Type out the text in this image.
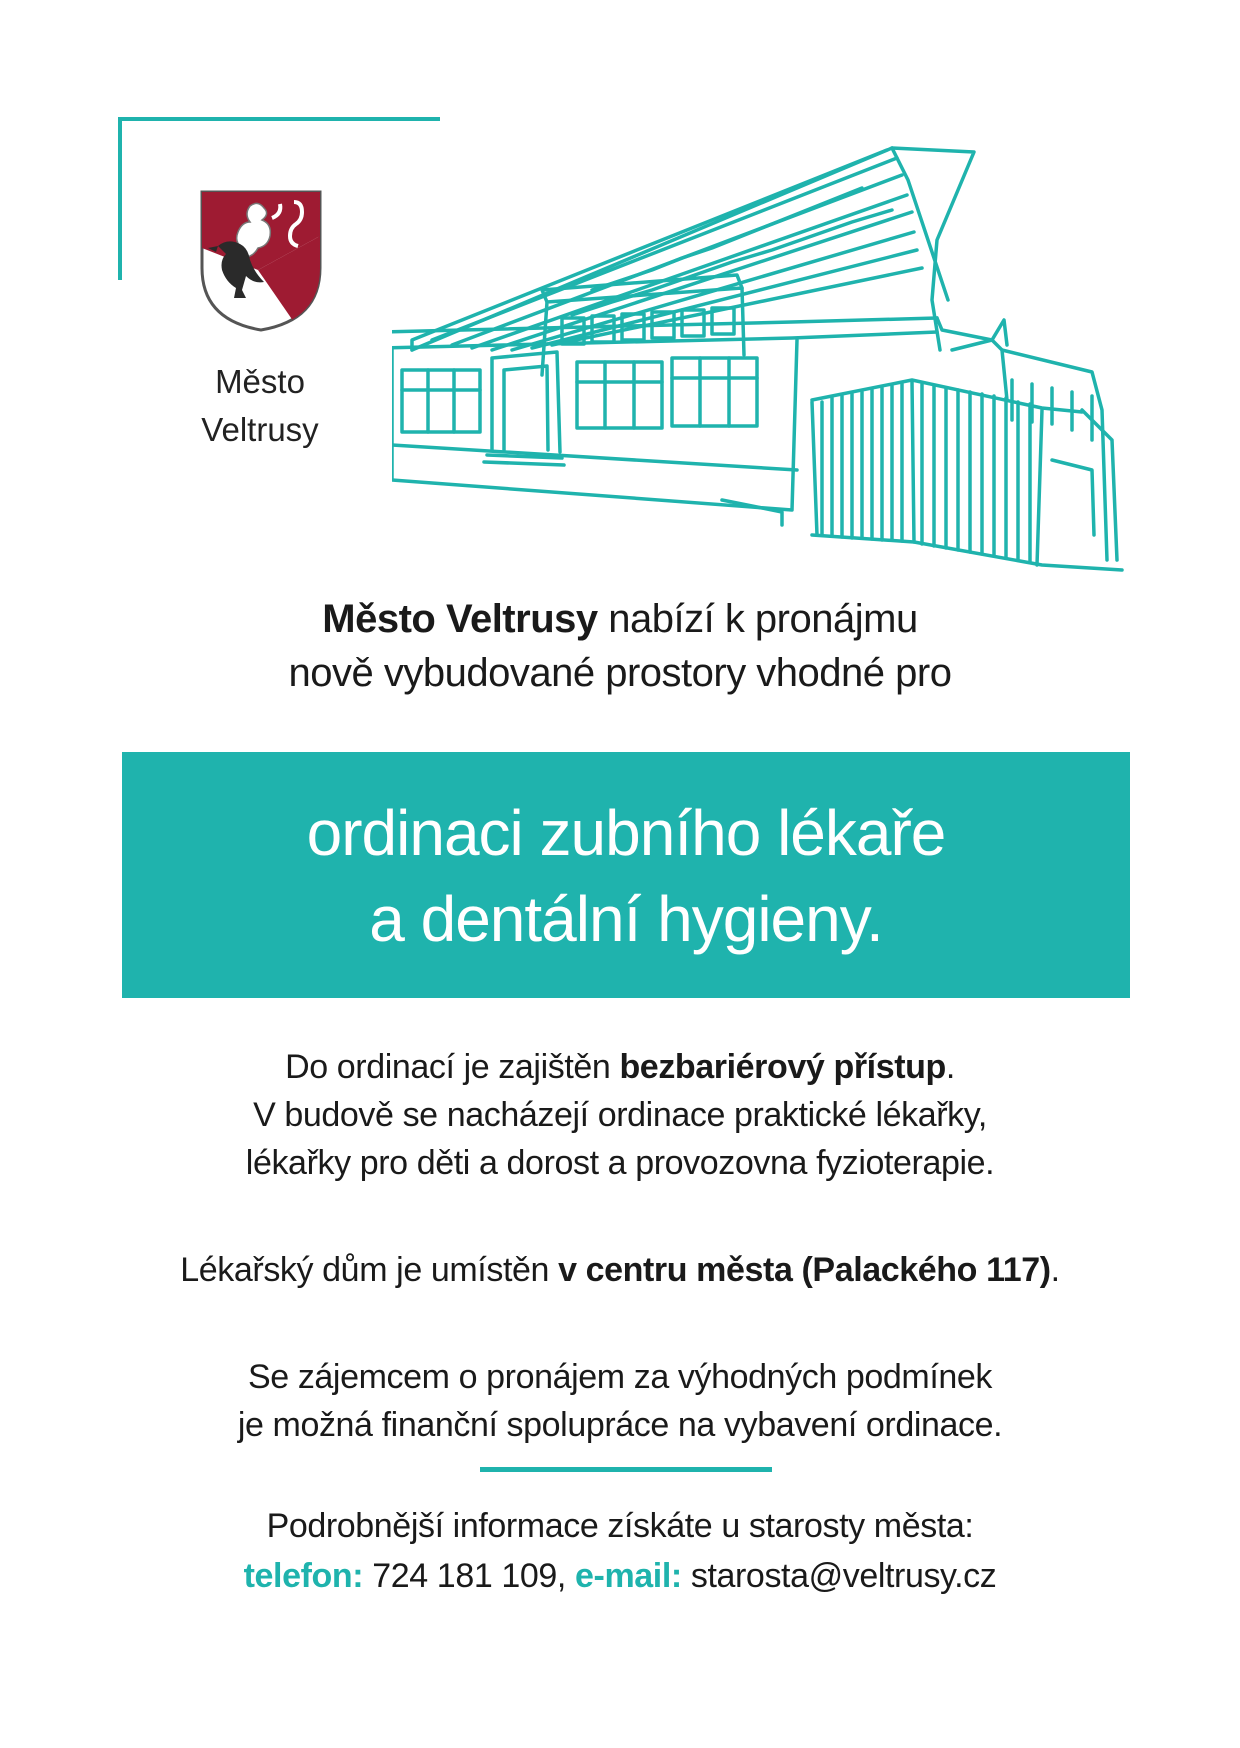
Město
Veltrusy
Město Veltrusy nabízí k pronájmu
nově vybudované prostory vhodné pro
ordinaci zubního lékaře
a dentální hygieny.
Do ordinací je zajištěn bezbariérový přístup.
V budově se nacházejí ordinace praktické lékařky,
lékařky pro děti a dorost a provozovna fyzioterapie.
Lékařský dům je umístěn v centru města (Palackého 117).
Se zájemcem o pronájem za výhodných podmínek
je možná finanční spolupráce na vybavení ordinace.
Podrobnější informace získáte u starosty města:
telefon: 724 181 109, e-mail: starosta@veltrusy.cz
